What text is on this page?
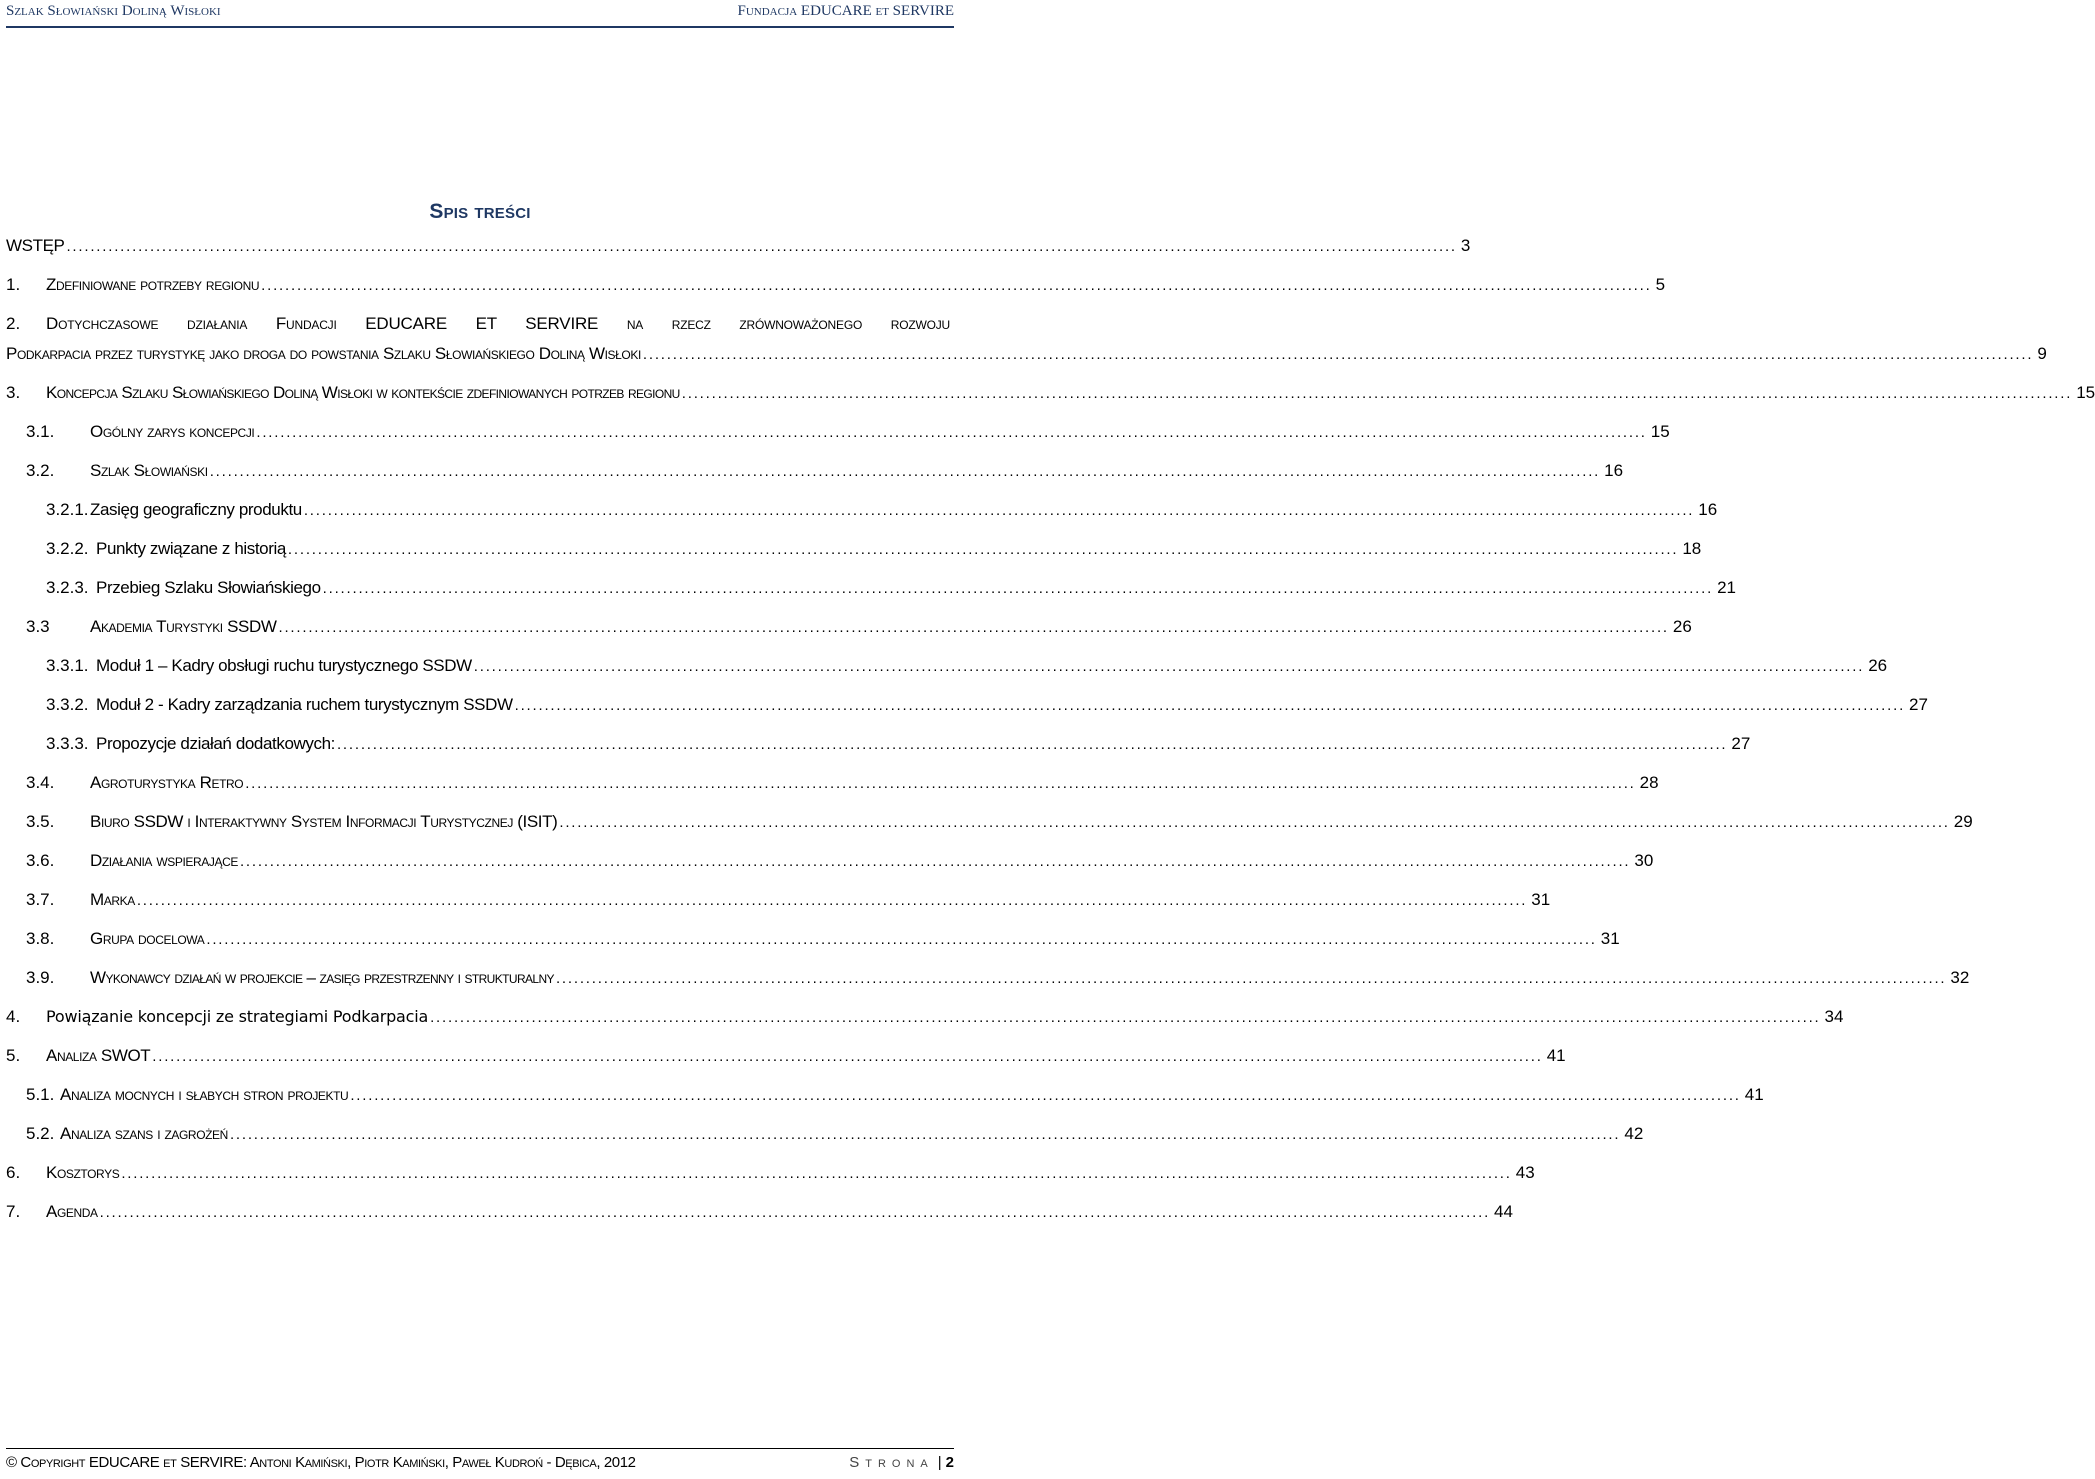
Szlak Słowiański Doliną Wisłoki	Fundacja EDUCARE et SERVIRE
Spis treści
WSTĘP ......................................................................................................................................................................................................................................... 3
1. Zdefiniowane potrzeby regionu ......................................................................................................................................................................................................................................... 5
2. Dotychczasowe działania Fundacji EDUCARE ET SERVIRE na rzecz zrównoważonego rozwoju
Podkarpacia przez turystykę jako droga do powstania Szlaku Słowiańskiego Doliną Wisłoki ......................................................................................................................................................................................................................................... 9
3. Koncepcja Szlaku Słowiańskiego Doliną Wisłoki w kontekście zdefiniowanych potrzeb regionu ......................................................................................................................................................................................................................................... 15
3.1. Ogólny zarys koncepcji ......................................................................................................................................................................................................................................... 15
3.2. Szlak Słowiański ......................................................................................................................................................................................................................................... 16
3.2.1. Zasięg geograficzny produktu ......................................................................................................................................................................................................................................... 16
3.2.2. Punkty związane z historią ......................................................................................................................................................................................................................................... 18
3.2.3. Przebieg Szlaku Słowiańskiego ......................................................................................................................................................................................................................................... 21
3.3 Akademia Turystyki SSDW ......................................................................................................................................................................................................................................... 26
3.3.1. Moduł 1 – Kadry obsługi ruchu turystycznego SSDW ......................................................................................................................................................................................................................................... 26
3.3.2. Moduł 2 - Kadry zarządzania ruchem turystycznym SSDW ......................................................................................................................................................................................................................................... 27
3.3.3. Propozycje działań dodatkowych: ......................................................................................................................................................................................................................................... 27
3.4. Agroturystyka Retro ......................................................................................................................................................................................................................................... 28
3.5. Biuro SSDW i Interaktywny System Informacji Turystycznej (ISIT) ......................................................................................................................................................................................................................................... 29
3.6. Działania wspierające ......................................................................................................................................................................................................................................... 30
3.7. Marka ......................................................................................................................................................................................................................................... 31
3.8. Grupa docelowa ......................................................................................................................................................................................................................................... 31
3.9. Wykonawcy działań w projekcie – zasięg przestrzenny i strukturalny ......................................................................................................................................................................................................................................... 32
4. Powiązanie koncepcji ze strategiami Podkarpacia ......................................................................................................................................................................................................................................... 34
5. Analiza SWOT ......................................................................................................................................................................................................................................... 41
5.1. Analiza mocnych i słabych stron projektu ......................................................................................................................................................................................................................................... 41
5.2. Analiza szans i zagrożeń ......................................................................................................................................................................................................................................... 42
6. Kosztorys ......................................................................................................................................................................................................................................... 43
7. Agenda ......................................................................................................................................................................................................................................... 44
© Copyright EDUCARE et SERVIRE: Antoni Kamiński, Piotr Kamiński, Paweł Kudroń - Dębica, 2012	Strona | 2
